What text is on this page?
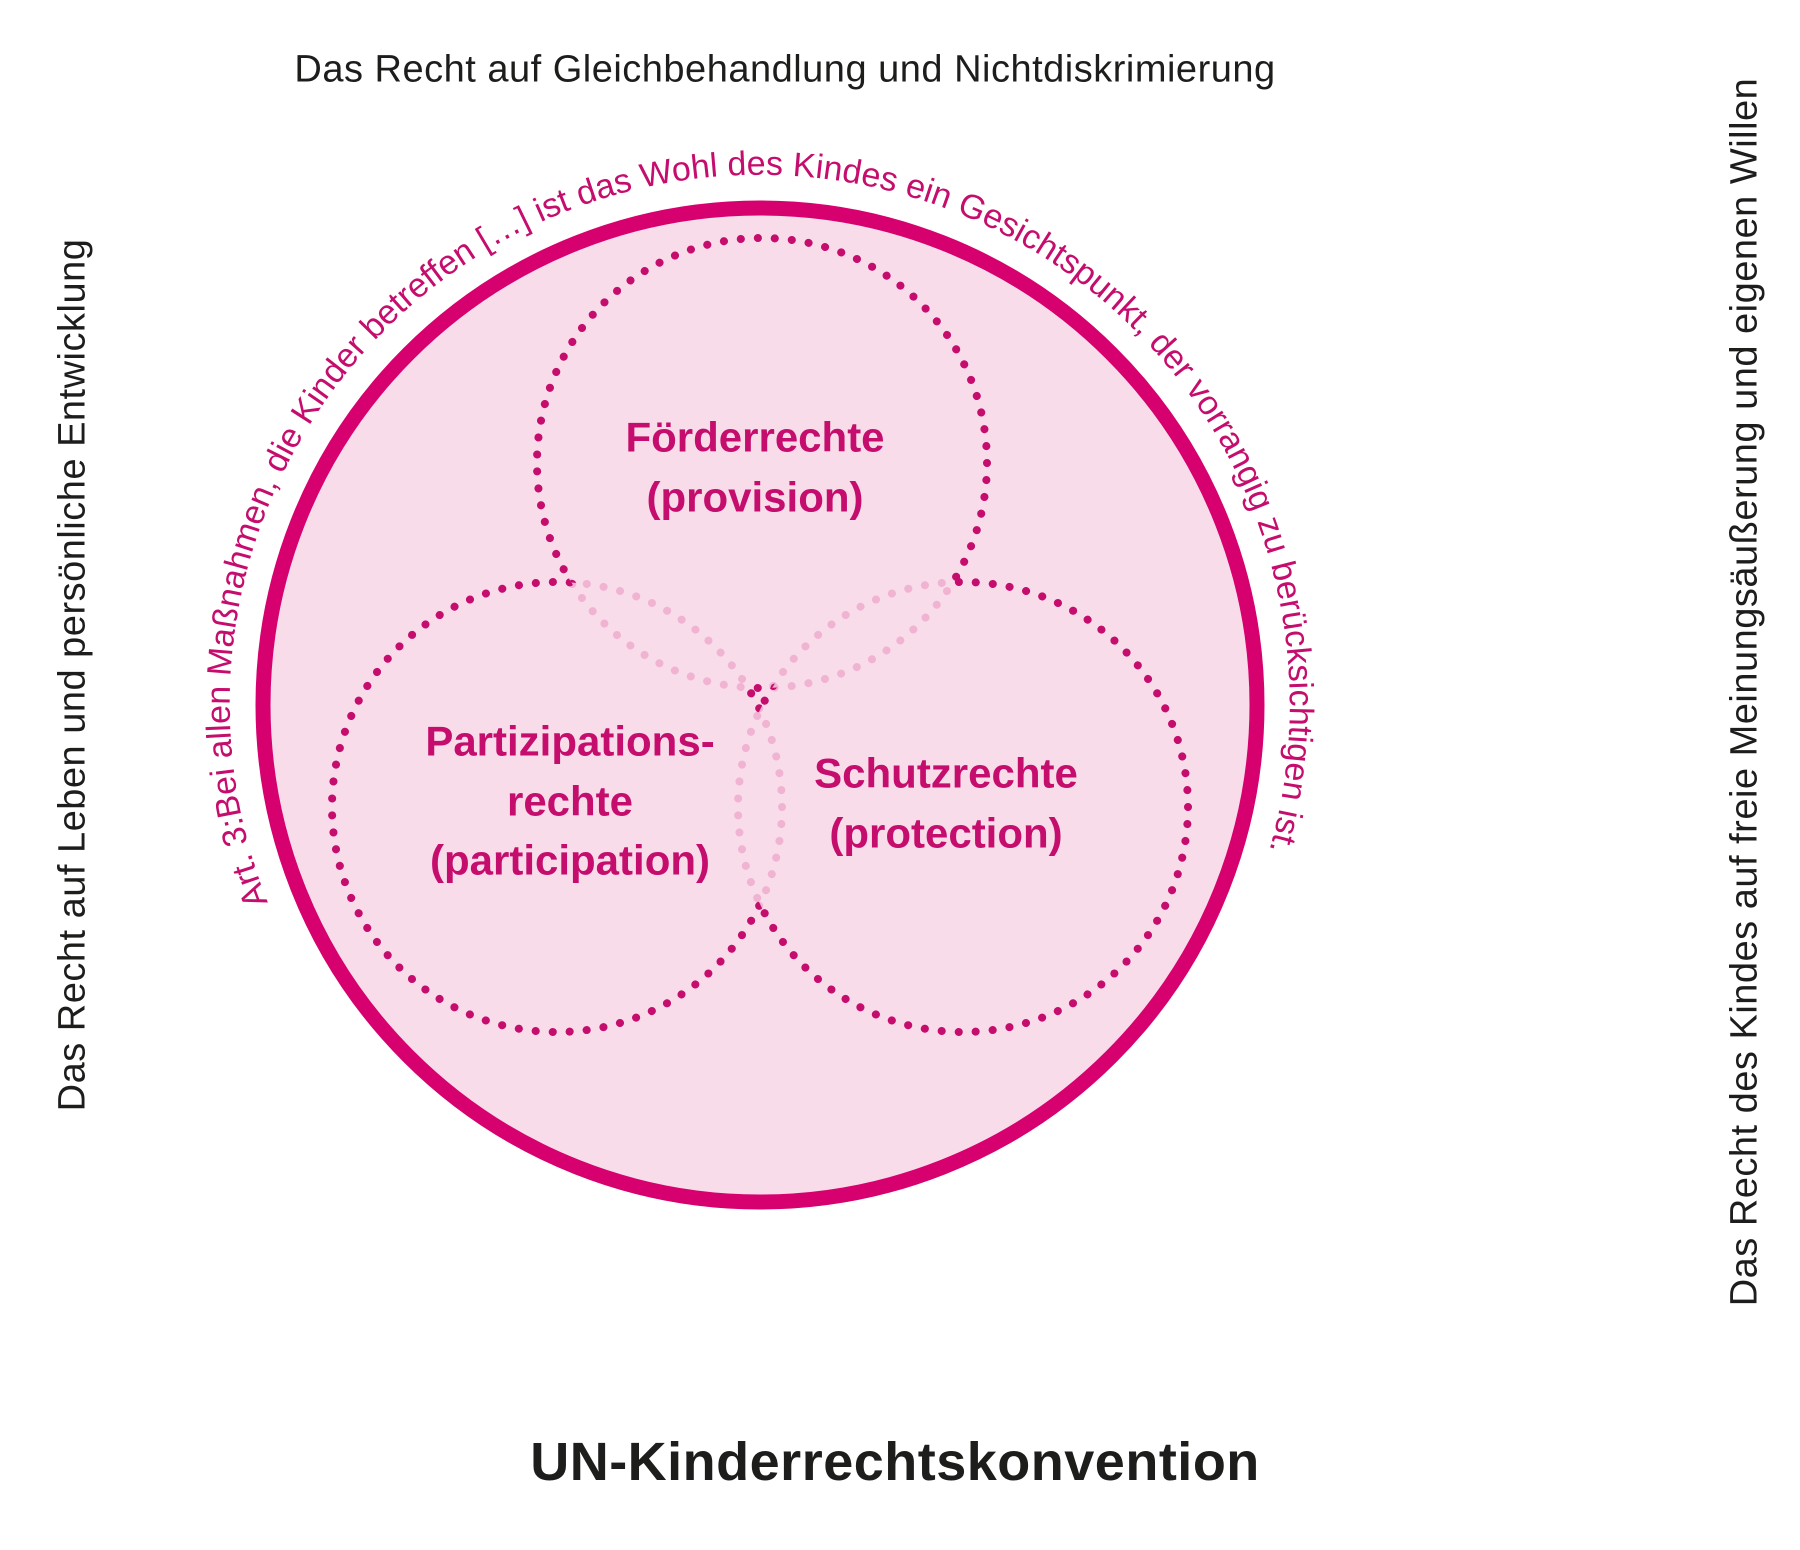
Art. 3:Bei allen Maßnahmen, die Kinder betreffen […] ist das Wohl des Kindes ein Gesichtspunkt, der vorrangig zu berücksichtigen ist.
Das Recht auf Gleichbehandlung und Nichtdiskrimierung
Das Recht auf Leben und persönliche Entwicklung	Das Recht des Kindes auf freie Meinungsäußerung und eigenen Willen
UN-Kinderrechtskonvention
Förderrechte
(provision)
Partizipations-
rechte
(participation)
Schutzrechte
(protection)
